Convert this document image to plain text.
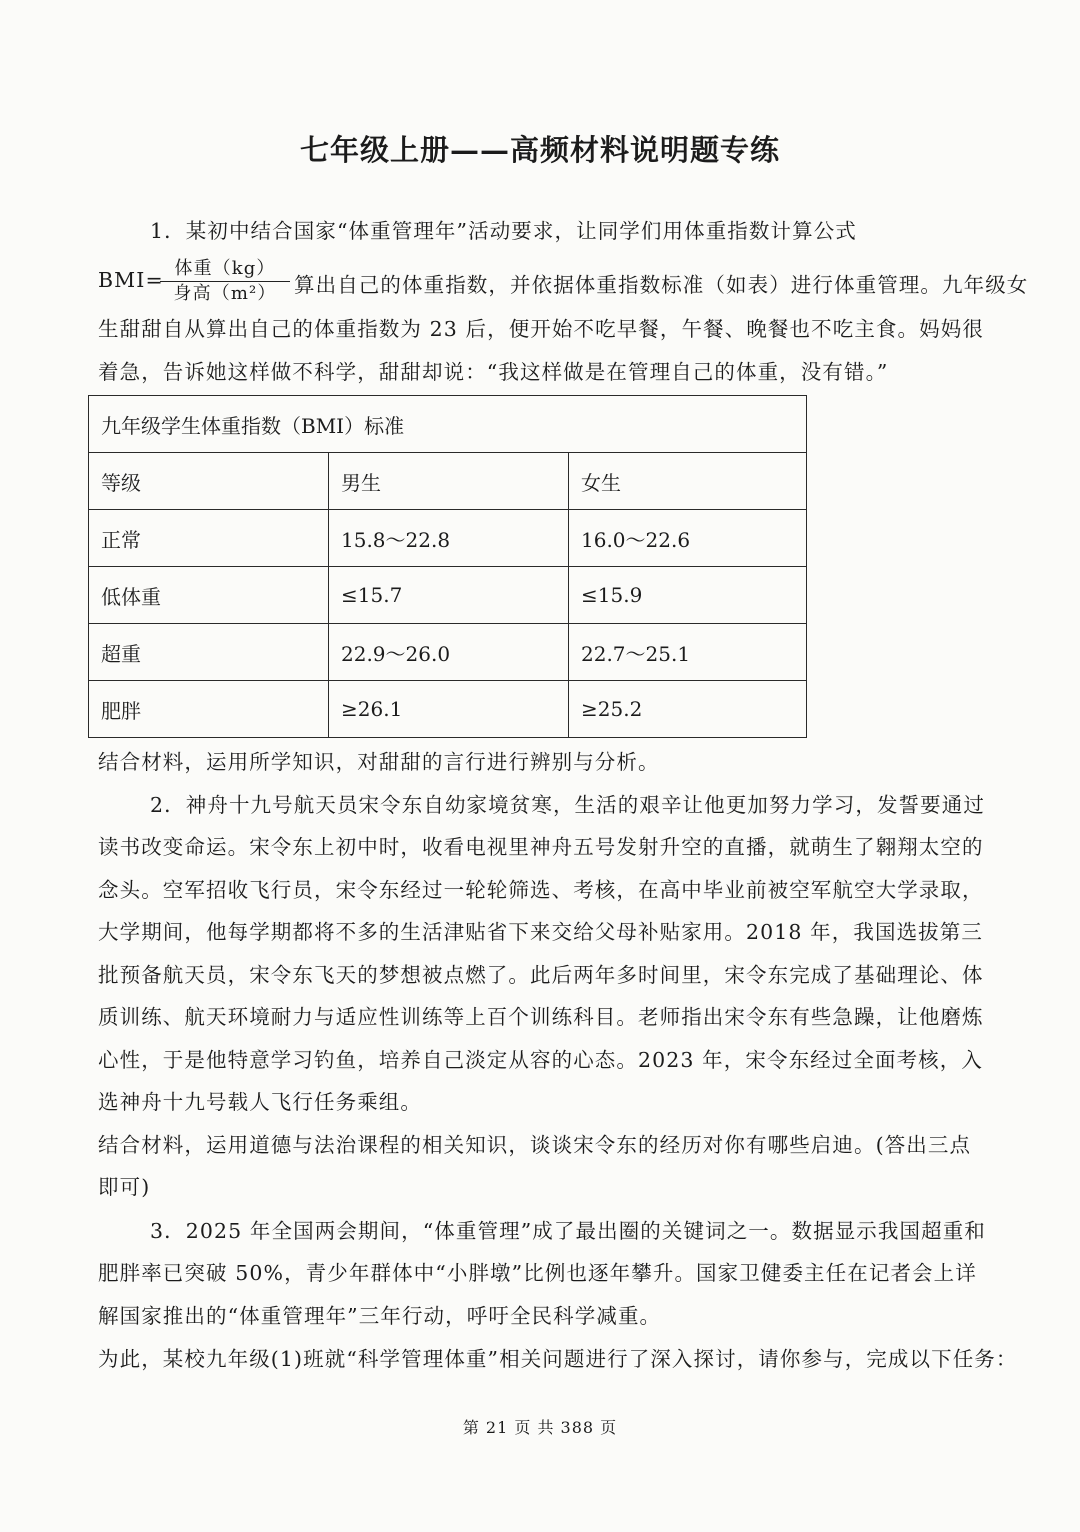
七年级上册——高频材料说明题专练
1．某初中结合国家“体重管理年”活动要求，让同学们用体重指数计算公式
BMI= 体重（kg）
身高（m²） 算出自己的体重指数，并依据体重指数标准（如表）进行体重管理。九年级女
生甜甜自从算出自己的体重指数为 23 后，便开始不吃早餐，午餐、晚餐也不吃主食。妈妈很
着急，告诉她这样做不科学，甜甜却说：“我这样做是在管理自己的体重，没有错。”
九年级学生体重指数（BMI）标准		
等级	男生	女生
正常	15.8～22.8	16.0～22.6
低体重	≤15.7	≤15.9
超重	22.9～26.0	22.7～25.1
肥胖	≥26.1	≥25.2
结合材料，运用所学知识，对甜甜的言行进行辨别与分析。
2．神舟十九号航天员宋令东自幼家境贫寒，生活的艰辛让他更加努力学习，发誓要通过
读书改变命运。宋令东上初中时，收看电视里神舟五号发射升空的直播，就萌生了翱翔太空的
念头。空军招收飞行员，宋令东经过一轮轮筛选、考核，在高中毕业前被空军航空大学录取，
大学期间，他每学期都将不多的生活津贴省下来交给父母补贴家用。2018 年，我国选拔第三
批预备航天员，宋令东飞天的梦想被点燃了。此后两年多时间里，宋令东完成了基础理论、体
质训练、航天环境耐力与适应性训练等上百个训练科目。老师指出宋令东有些急躁，让他磨炼
心性，于是他特意学习钓鱼，培养自己淡定从容的心态。2023 年，宋令东经过全面考核，入
选神舟十九号载人飞行任务乘组。
结合材料，运用道德与法治课程的相关知识，谈谈宋令东的经历对你有哪些启迪。(答出三点
即可)
3．2025 年全国两会期间，“体重管理”成了最出圈的关键词之一。数据显示我国超重和
肥胖率已突破 50%，青少年群体中“小胖墩”比例也逐年攀升。国家卫健委主任在记者会上详
解国家推出的“体重管理年”三年行动，呼吁全民科学减重。
为此，某校九年级(1)班就“科学管理体重”相关问题进行了深入探讨，请你参与，完成以下任务：
第 21 页 共 388 页
